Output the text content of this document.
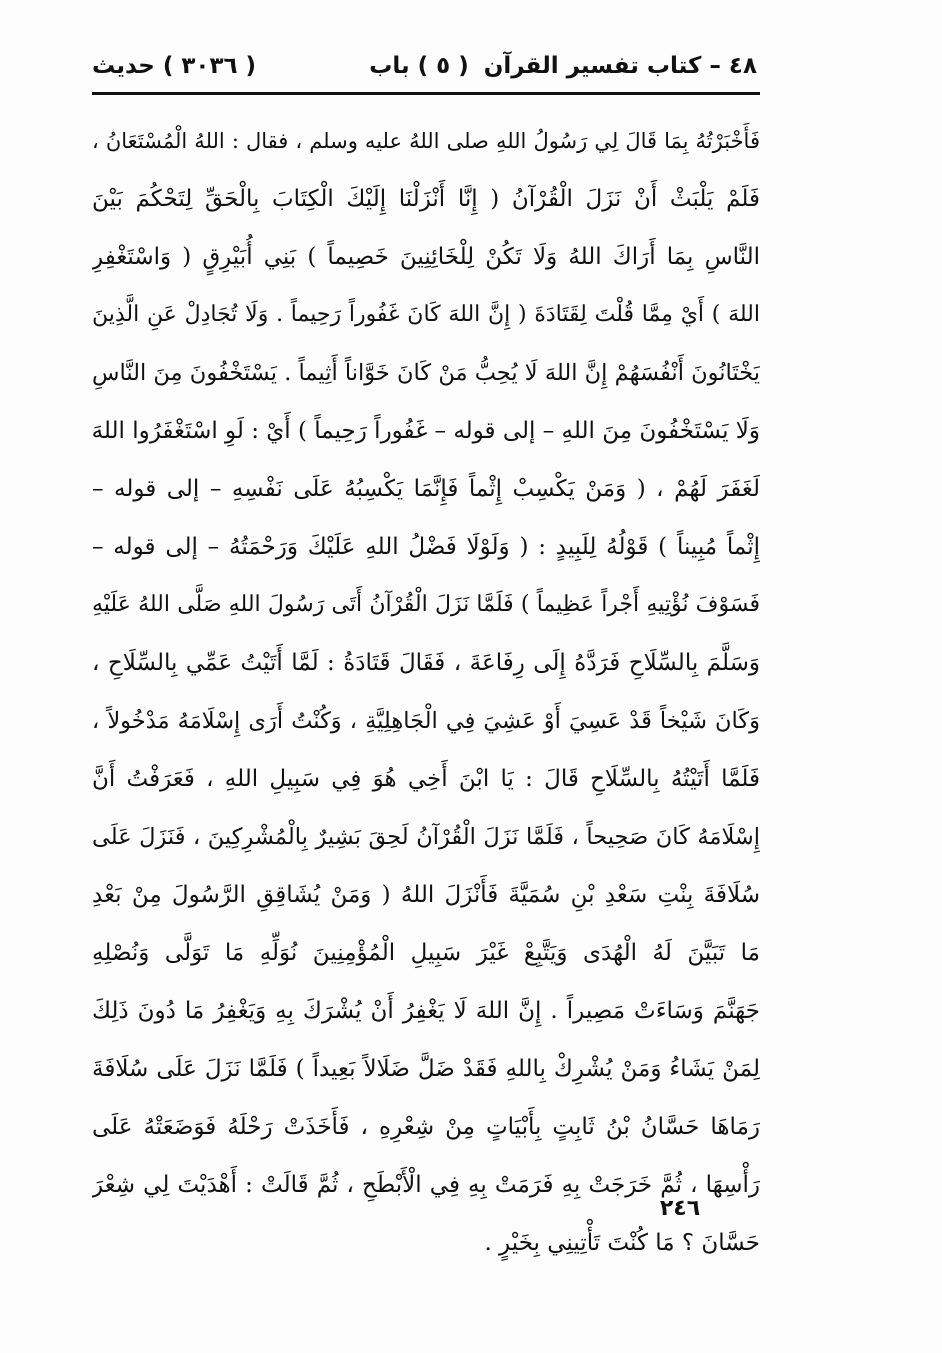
٤٨ – كتاب تفسير القرآن
( ٥ ) باب
( ٣٠٣٦ ) حديث
فَأَخْبَرْتُهُ بِمَا قَالَ لِي رَسُولُ اللهِ صلى اللهُ عليه وسلم ، فقال : اللهُ الْمُسْتَعَانُ ،
فَلَمْ يَلْبَثْ أَنْ نَزَلَ الْقُرْآنُ ( إِنَّا أَنْزَلْنَا إِلَيْكَ الْكِتَابَ بِالْحَقِّ لِتَحْكُمَ بَيْنَ
النَّاسِ بِمَا أَرَاكَ اللهُ وَلَا تَكُنْ لِلْخَائِنِينَ خَصِيماً ) بَنِي أُبَيْرِقٍ ( وَاسْتَغْفِرِ
اللهَ ) أَيْ مِمَّا قُلْتَ لِقَتَادَةَ ( إِنَّ اللهَ كَانَ غَفُوراً رَحِيماً . وَلَا تُجَادِلْ عَنِ الَّذِينَ
يَخْتَانُونَ أَنْفُسَهُمْ إِنَّ اللهَ لَا يُحِبُّ مَنْ كَانَ خَوَّاناً أَثِيماً . يَسْتَخْفُونَ مِنَ النَّاسِ
وَلَا يَسْتَخْفُونَ مِنَ اللهِ – إلى قوله – غَفُوراً رَحِيماً ) أَيْ : لَوِ اسْتَغْفَرُوا اللهَ
لَغَفَرَ لَهُمْ ، ( وَمَنْ يَكْسِبْ إِثْماً فَإِنَّمَا يَكْسِبُهُ عَلَى نَفْسِهِ – إلى قوله –
إِثْماً مُبِيناً ) قَوْلُهُ لِلَبِيدٍ : ( وَلَوْلَا فَضْلُ اللهِ عَلَيْكَ وَرَحْمَتُهُ – إلى قوله –
فَسَوْفَ نُؤْتِيهِ أَجْراً عَظِيماً ) فَلَمَّا نَزَلَ الْقُرْآنُ أَتَى رَسُولَ اللهِ صَلَّى اللهُ عَلَيْهِ
وَسَلَّمَ بِالسِّلَاحِ فَرَدَّهُ إِلَى رِفَاعَةَ ، فَقَالَ قَتَادَةُ : لَمَّا أَتَيْتُ عَمِّي بِالسِّلَاحِ ،
وَكَانَ شَيْخاً قَدْ عَسِيَ أَوْ عَشِيَ فِي الْجَاهِلِيَّةِ ، وَكُنْتُ أَرَى إِسْلَامَهُ مَدْخُولاً ،
فَلَمَّا أَتَيْتُهُ بِالسِّلَاحِ قَالَ : يَا ابْنَ أَخِي هُوَ فِي سَبِيلِ اللهِ ، فَعَرَفْتُ أَنَّ
إِسْلَامَهُ كَانَ صَحِيحاً ، فَلَمَّا نَزَلَ الْقُرْآنُ لَحِقَ بَشِيرٌ بِالْمُشْرِكِينَ ، فَنَزَلَ عَلَى
سُلَافَةَ بِنْتِ سَعْدِ بْنِ سُمَيَّةَ فَأَنْزَلَ اللهُ ( وَمَنْ يُشَاقِقِ الرَّسُولَ مِنْ بَعْدِ
مَا تَبَيَّنَ لَهُ الْهُدَى وَيَتَّبِعْ غَيْرَ سَبِيلِ الْمُؤْمِنِينَ نُوَلِّهِ مَا تَوَلَّى وَنُصْلِهِ
جَهَنَّمَ وَسَاءَتْ مَصِيراً . إِنَّ اللهَ لَا يَغْفِرُ أَنْ يُشْرَكَ بِهِ وَيَغْفِرُ مَا دُونَ ذَلِكَ
لِمَنْ يَشَاءُ وَمَنْ يُشْرِكْ بِاللهِ فَقَدْ ضَلَّ ضَلَالاً بَعِيداً ) فَلَمَّا نَزَلَ عَلَى سُلَافَةَ
رَمَاهَا حَسَّانُ بْنُ ثَابِتٍ بِأَبْيَاتٍ مِنْ شِعْرِهِ ، فَأَخَذَتْ رَحْلَهُ فَوَضَعَتْهُ عَلَى
رَأْسِهَا ، ثُمَّ خَرَجَتْ بِهِ فَرَمَتْ بِهِ فِي الْأَبْطَحِ ، ثُمَّ قَالَتْ : أَهْدَيْتَ لِي شِعْرَ
حَسَّانَ ؟ مَا كُنْتَ تَأْتِينِي بِخَيْرٍ .
٢٤٦
